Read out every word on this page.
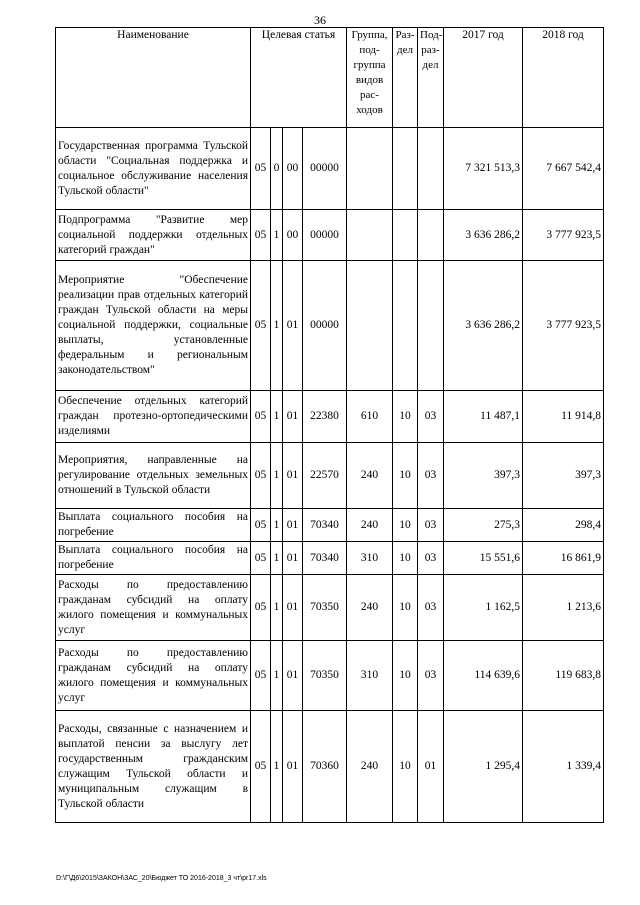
36
Наименование	Целевая статья				Группа, под- группа видов рас- ходов	Раз- дел	Под- раз- дел	2017 год	2018 год
Государственная программа Тульской области "Социальная поддержка и социальное обслуживание населения Тульской области"	05	0	00	00000				7 321 513,3	7 667 542,4
Подпрограмма "Развитие мер социальной поддержки отдельных категорий граждан"	05	1	00	00000				3 636 286,2	3 777 923,5
Мероприятие "Обеспечение реализации прав отдельных категорий граждан Тульской области на меры социальной поддержки, социальные выплаты, установленные федеральным и региональным законодательством"	05	1	01	00000				3 636 286,2	3 777 923,5
Обеспечение отдельных категорий граждан протезно-ортопедическими изделиями	05	1	01	22380	610	10	03	11 487,1	11 914,8
Мероприятия, направленные на регулирование отдельных земельных отношений в Тульской области	05	1	01	22570	240	10	03	397,3	397,3
Выплата социального пособия на погребение	05	1	01	70340	240	10	03	275,3	298,4
Выплата социального пособия на погребение	05	1	01	70340	310	10	03	15 551,6	16 861,9
Расходы по предоставлению гражданам субсидий на оплату жилого помещения и коммунальных услуг	05	1	01	70350	240	10	03	1 162,5	1 213,6
Расходы по предоставлению гражданам субсидий на оплату жилого помещения и коммунальных услуг	05	1	01	70350	310	10	03	114 639,6	119 683,8
Расходы, связанные с назначением и выплатой пенсии за выслугу лет государственным гражданским служащим Тульской области и муниципальным служащим в Тульской области	05	1	01	70360	240	10	01	1 295,4	1 339,4
D:\Г\Д6\2015\ЗАКОН\ЗАС_20\Бюджет ТО 2016-2018_3 чт\pr17.xls
